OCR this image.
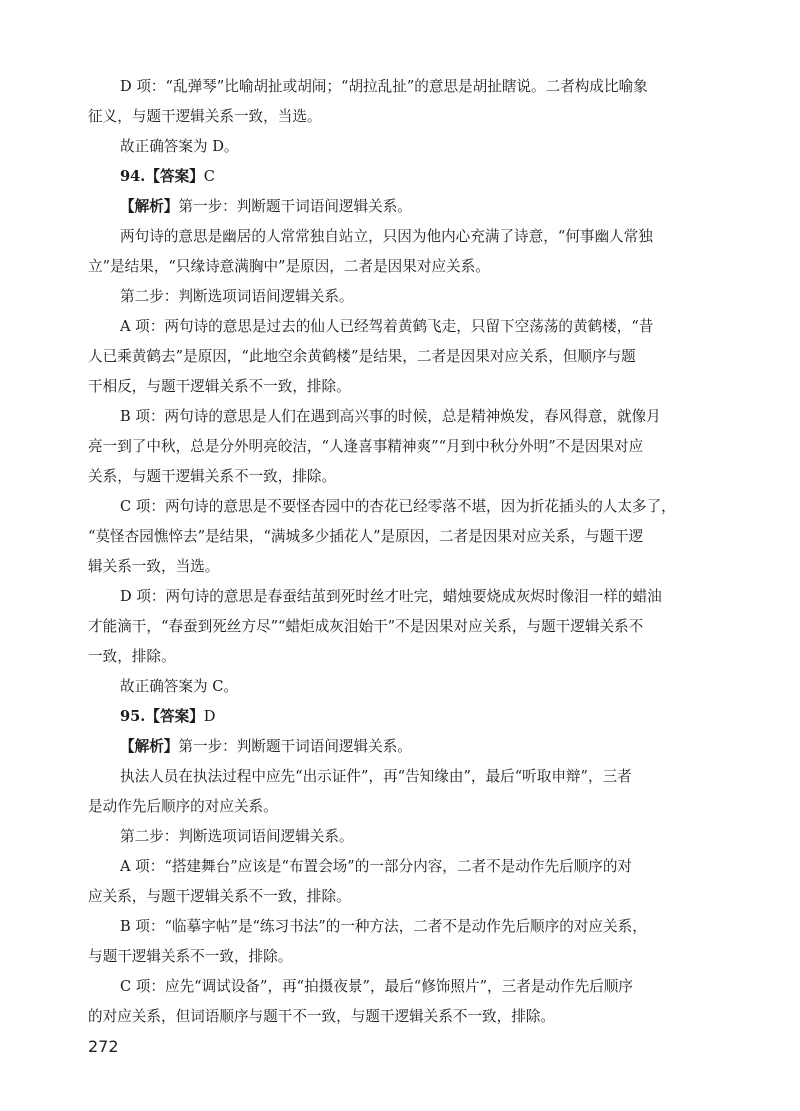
D 项：“乱弹琴”比喻胡扯或胡闹；“胡拉乱扯”的意思是胡扯瞎说。二者构成比喻象
征义，与题干逻辑关系一致，当选。

故正确答案为 D。

94.【答案】C

【解析】第一步：判断题干词语间逻辑关系。

两句诗的意思是幽居的人常常独自站立，只因为他内心充满了诗意，“何事幽人常独
立”是结果，“只缘诗意满胸中”是原因，二者是因果对应关系。

第二步：判断选项词语间逻辑关系。

A 项：两句诗的意思是过去的仙人已经驾着黄鹤飞走，只留下空荡荡的黄鹤楼，“昔
人已乘黄鹤去”是原因，“此地空余黄鹤楼”是结果，二者是因果对应关系，但顺序与题
干相反，与题干逻辑关系不一致，排除。

B 项：两句诗的意思是人们在遇到高兴事的时候，总是精神焕发，春风得意，就像月
亮一到了中秋，总是分外明亮皎洁，“人逢喜事精神爽”“月到中秋分外明”不是因果对应
关系，与题干逻辑关系不一致，排除。

C 项：两句诗的意思是不要怪杏园中的杏花已经零落不堪，因为折花插头的人太多了，
“莫怪杏园憔悴去”是结果，“满城多少插花人”是原因，二者是因果对应关系，与题干逻
辑关系一致，当选。

D 项：两句诗的意思是春蚕结茧到死时丝才吐完，蜡烛要烧成灰烬时像泪一样的蜡油
才能滴干，“春蚕到死丝方尽”“蜡炬成灰泪始干”不是因果对应关系，与题干逻辑关系不
一致，排除。

故正确答案为 C。

95.【答案】D

【解析】第一步：判断题干词语间逻辑关系。

执法人员在执法过程中应先“出示证件”，再“告知缘由”，最后“听取申辩”，三者
是动作先后顺序的对应关系。

第二步：判断选项词语间逻辑关系。

A 项：“搭建舞台”应该是“布置会场”的一部分内容，二者不是动作先后顺序的对
应关系，与题干逻辑关系不一致，排除。

B 项：“临摹字帖”是“练习书法”的一种方法，二者不是动作先后顺序的对应关系，
与题干逻辑关系不一致，排除。

C 项：应先“调试设备”，再“拍摄夜景”，最后“修饰照片”，三者是动作先后顺序
的对应关系，但词语顺序与题干不一致，与题干逻辑关系不一致，排除。

272
